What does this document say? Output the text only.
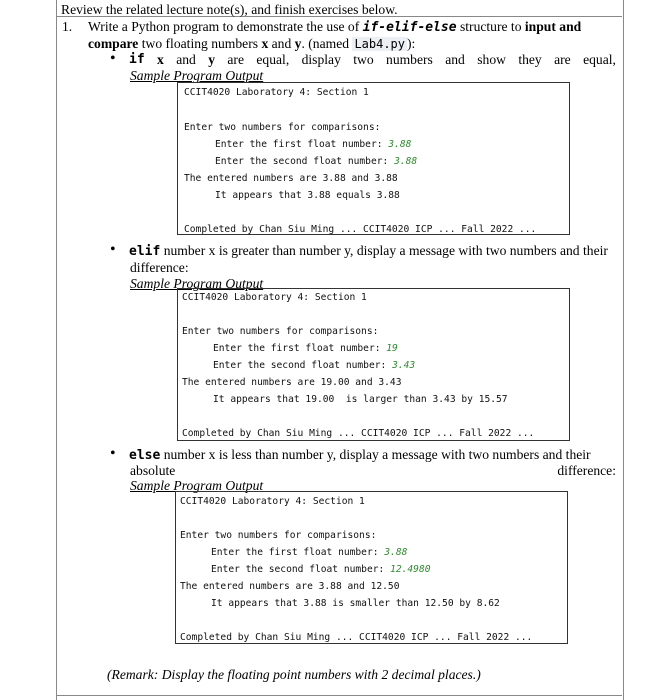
Review the related lecture note(s), and finish exercises below.
1. Write a Python program to demonstrate the use of if-elif-else structure to input and
compare two floating numbers x and y. (named Lab4.py ):
• if x and y are equal, display two numbers and show they are equal,
Sample Program Output
CCIT4020 Laboratory 4: Section 1
Enter two numbers for comparisons:
Enter the first float number: 3.88
Enter the second float number: 3.88
The entered numbers are 3.88 and 3.88
It appears that 3.88 equals 3.88
Completed by Chan Siu Ming ... CCIT4020 ICP ... Fall 2022 ...
• elif number x is greater than number y, display a message with two numbers and their
difference:
Sample Program Output
CCIT4020 Laboratory 4: Section 1
Enter two numbers for comparisons:
Enter the first float number: 19
Enter the second float number: 3.43
The entered numbers are 19.00 and 3.43
It appears that 19.00  is larger than 3.43 by 15.57
Completed by Chan Siu Ming ... CCIT4020 ICP ... Fall 2022 ...
• else number x is less than number y, display a message with two numbers and their
absolute	difference:
Sample Program Output
CCIT4020 Laboratory 4: Section 1
Enter two numbers for comparisons:
Enter the first float number: 3.88
Enter the second float number: 12.4980
The entered numbers are 3.88 and 12.50
It appears that 3.88 is smaller than 12.50 by 8.62
Completed by Chan Siu Ming ... CCIT4020 ICP ... Fall 2022 ...
(Remark: Display the floating point numbers with 2 decimal places.)
